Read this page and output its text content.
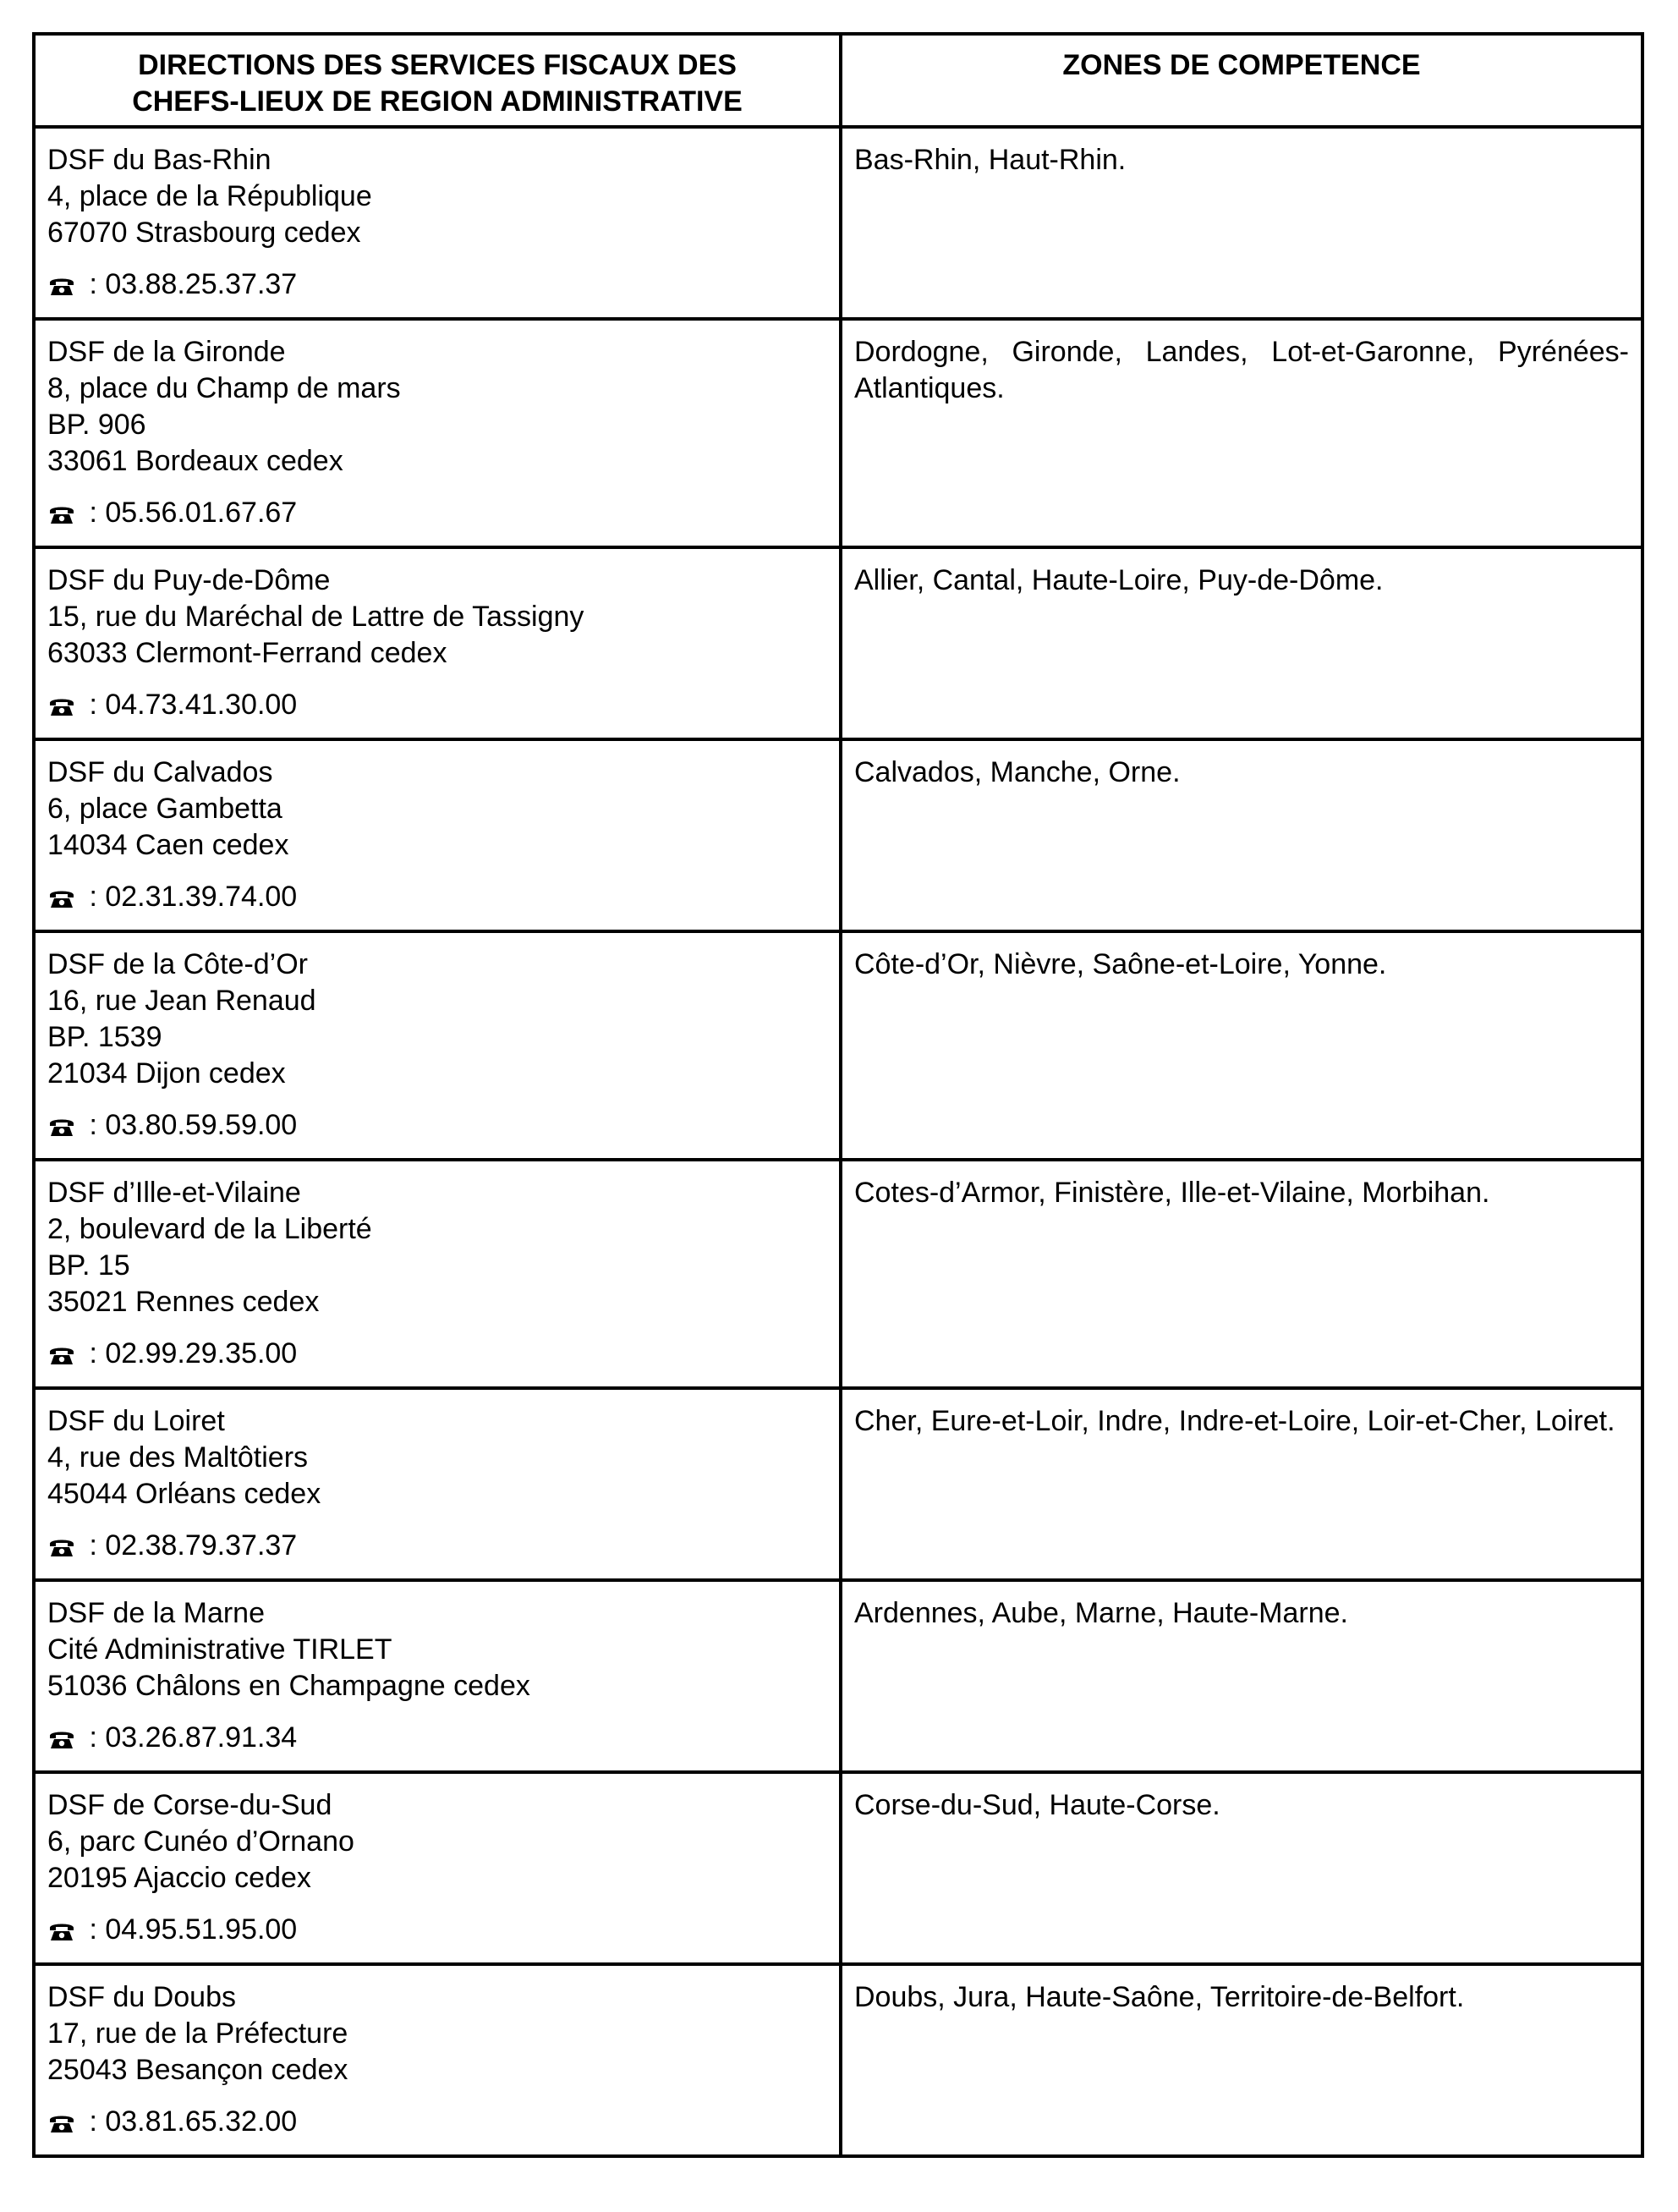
DIRECTIONS DES SERVICES FISCAUX DES
CHEFS-LIEUX DE REGION ADMINISTRATIVE	ZONES DE COMPETENCE

DSF du Bas-Rhin
4, place de la République
67070 Strasbourg cedex
: 03.88.25.37.37	Bas-Rhin, Haut-Rhin.

DSF de la Gironde
8, place du Champ de mars
BP. 906
33061 Bordeaux cedex
: 05.56.01.67.67	Dordogne, Gironde, Landes, Lot-et-Garonne, Pyrénées-Atlantiques.

DSF du Puy-de-Dôme
15, rue du Maréchal de Lattre de Tassigny
63033 Clermont-Ferrand cedex
: 04.73.41.30.00	Allier, Cantal, Haute-Loire, Puy-de-Dôme.

DSF du Calvados
6, place Gambetta
14034 Caen cedex
: 02.31.39.74.00	Calvados, Manche, Orne.

DSF de la Côte-d’Or
16, rue Jean Renaud
BP. 1539
21034 Dijon cedex
: 03.80.59.59.00	Côte-d’Or, Nièvre, Saône-et-Loire, Yonne.

DSF d’Ille-et-Vilaine
2, boulevard de la Liberté
BP. 15
35021 Rennes cedex
: 02.99.29.35.00	Cotes-d’Armor, Finistère, Ille-et-Vilaine, Morbihan.

DSF du Loiret
4, rue des Maltôtiers
45044 Orléans cedex
: 02.38.79.37.37	Cher, Eure-et-Loir, Indre, Indre-et-Loire, Loir-et-Cher, Loiret.

DSF de la Marne
Cité Administrative TIRLET
51036 Châlons en Champagne cedex
: 03.26.87.91.34	Ardennes, Aube, Marne, Haute-Marne.

DSF de Corse-du-Sud
6, parc Cunéo d’Ornano
20195 Ajaccio cedex
: 04.95.51.95.00	Corse-du-Sud, Haute-Corse.

DSF du Doubs
17, rue de la Préfecture
25043 Besançon cedex
: 03.81.65.32.00	Doubs, Jura, Haute-Saône, Territoire-de-Belfort.
